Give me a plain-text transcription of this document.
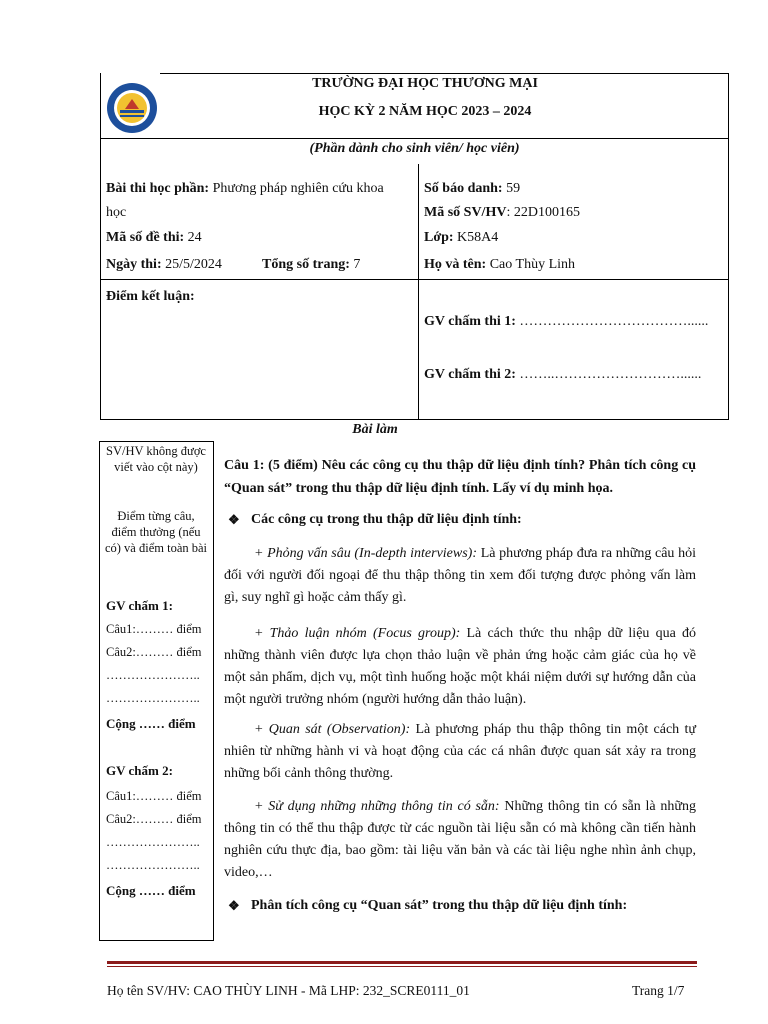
TRƯỜNG ĐẠI HỌC THƯƠNG MẠI
HỌC KỲ 2 NĂM HỌC 2023 – 2024
(Phần dành cho sinh viên/ học viên)
Bài thi học phần: Phương pháp nghiên cứu khoa
học
Mã số đề thi: 24
Ngày thi: 25/5/2024	Tổng số trang: 7
Số báo danh: 59
Mã số SV/HV: 22D100165
Lớp: K58A4
Họ và tên: Cao Thùy Linh
Điểm kết luận:
GV chấm thi 1: ………………………………......
GV chấm thi 2: ……..………………………......
Bài làm
SV/HV không được viết vào cột này)
Điểm từng câu, điểm thưởng (nếu có) và điểm toàn bài
GV chấm 1:
Câu1:……… điểm
Câu2:……… điểm
…………………..
…………………..
Cộng …… điểm
GV chấm 2:
Câu1:……… điểm
Câu2:……… điểm
…………………..
…………………..
Cộng …… điểm
Câu 1: (5 điểm) Nêu các công cụ thu thập dữ liệu định tính? Phân tích công cụ “Quan sát” trong thu thập dữ liệu định tính. Lấy ví dụ minh họa.
❖ Các công cụ trong thu thập dữ liệu định tính:
+ Phỏng vấn sâu (In-depth interviews): Là phương pháp đưa ra những câu hỏi đối với người đối ngoại để thu thập thông tin xem đối tượng được phỏng vấn làm gì, suy nghĩ gì hoặc cảm thấy gì.
+ Thảo luận nhóm (Focus group): Là cách thức thu nhập dữ liệu qua đó những thành viên được lựa chọn thảo luận về phản ứng hoặc cảm giác của họ về một sản phẩm, dịch vụ, một tình huống hoặc một khái niệm dưới sự hướng dẫn của một người trưởng nhóm (người hướng dẫn thảo luận).
+ Quan sát (Observation): Là phương pháp thu thập thông tin một cách tự nhiên từ những hành vi và hoạt động của các cá nhân được quan sát xảy ra trong những bối cảnh thông thường.
+ Sử dụng những những thông tin có sẵn: Những thông tin có sẵn là những thông tin có thể thu thập được từ các nguồn tài liệu sẵn có mà không cần tiến hành nghiên cứu thực địa, bao gồm: tài liệu văn bản và các tài liệu nghe nhìn ảnh chụp, video,…
❖ Phân tích công cụ “Quan sát” trong thu thập dữ liệu định tính:
Họ tên SV/HV: CAO THÙY LINH - Mã LHP: 232_SCRE0111_01	Trang 1/7
